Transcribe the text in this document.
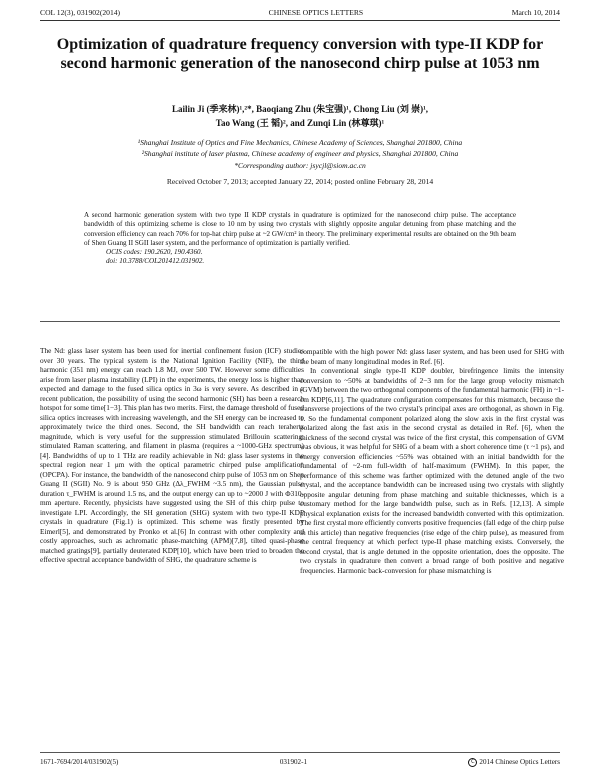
COL 12(3), 031902(2014)	CHINESE OPTICS LETTERS	March 10, 2014
Optimization of quadrature frequency conversion with type-II KDP for second harmonic generation of the nanosecond chirp pulse at 1053 nm
Lailin Ji (季来林)¹,²*, Baoqiang Zhu (朱宝强)¹, Chong Liu (刘 崇)¹,
Tao Wang (王 韬)², and Zunqi Lin (林尊琪)¹
¹Shanghai Institute of Optics and Fine Mechanics, Chinese Academy of Sciences, Shanghai 201800, China
²Shanghai institute of laser plasma, Chinese academy of engineer and physics, Shanghai 201800, China
*Corresponding author: jsycjl@siom.ac.cn
Received October 7, 2013; accepted January 22, 2014; posted online February 28, 2014
A second harmonic generation system with two type II KDP crystals in quadrature is optimized for the nanosecond chirp pulse. The acceptance bandwidth of this optimizing scheme is close to 10 nm by using two crystals with slightly opposite angular detuning from phase matching and the conversion efficiency can reach 70% for top-hat chirp pulse at ~2 GW/cm² in theory. The preliminary experimental results are obtained on the 9th beam of Shen Guang II SGII laser system, and the performance of optimization is partially verified.
OCIS codes: 190.2620, 190.4360.
doi: 10.3788/COL201412.031902.

The Nd: glass laser system has been used for inertial confinement fusion (ICF) studies over 30 years. The typical system is the National Ignition Facility (NIF), the third harmonic (351 nm) energy can reach 1.8 MJ, over 500 TW. However some difficulties arise from laser plasma instability (LPI) in the experiments, the energy loss is higher than expected and damage to the fused silica optics in 3ω is very severe. As described in a recent publication, the possibility of using the second harmonic (SH) has been a research hotspot for some time[1−3]. This plan has two merits. First, the damage threshold of fused silica optics increases with increasing wavelength, and the SH energy can be increased to approximately twice the third ones. Second, the SH bandwidth can reach terahertz magnitude, which is very useful for the suppression stimulated Brillouin scattering, stimulated Raman scattering, and filament in plasma (requires a ~1000-GHz spectrum)[4]. Bandwidths of up to 1 THz are readily achievable in Nd: glass laser systems in the spectral region near 1 μm with the optical parametric chirped pulse amplification (OPCPA). For instance, the bandwidth of the nanosecond chirp pulse of 1053 nm on Shen Guang II (SGII) No. 9 is about 950 GHz (Δλ_FWHM ~3.5 nm), the Gaussian pulse duration τ_FWHM is around 1.5 ns, and the output energy can up to ~2000 J with Φ310-mm aperture. Recently, physicists have suggested using the SH of this chirp pulse to investigate LPI. Accordingly, the SH generation (SHG) system with two type-II KDP crystals in quadrature (Fig.1) is optimized. This scheme was firstly presented by Eimerl[5], and demonstrated by Pronko et al.[6] In contrast with other complexity and costly approaches, such as achromatic phase-matching (APM)[7,8], tilted quasi-phase matched gratings[9], partially deuterated KDP[10], which have been tried to broaden the effective spectral acceptance bandwidth of SHG, the quadrature scheme is

compatible with the high power Nd: glass laser system, and has been used for SHG with the beam of many longitudinal modes in Ref. [6].

In conventional single type-II KDP doubler, birefringence limits the intensity conversion to ~50% at bandwidths of 2−3 nm for the large group velocity mismatch (GVM) between the two orthogonal components of the fundamental harmonic (FH) in ~1-cm KDP[6,11]. The quadrature configuration compensates for this mismatch, because the transverse projections of the two crystal's principal axes are orthogonal, as shown in Fig. 1. So the fundamental component polarized along the slow axis in the first crystal was polarized along the fast axis in the second crystal as detailed in Ref. [6], when the thickness of the second crystal was twice of the first crystal, this compensation of GVM was obvious, it was helpful for SHG of a beam with a short coherence time (τ ~1 ps), and energy conversion efficiencies ~55% was obtained with an initial bandwidth for the fundamental of ~2-nm full-width of half-maximum (FWHM). In this paper, the performance of this scheme was farther optimized with the detuned angle of the two crystal, and the acceptance bandwidth can be increased using two crystals with slightly opposite angular detuning from phase matching and suitable thicknesses, which is a customary method for the large bandwidth pulse, such as in Refs. [12,13]. A simple physical explanation exists for the increased bandwidth converted with this optimization. The first crystal more efficiently converts positive frequencies (fall edge of the chirp pulse in this article) than negative frequencies (rise edge of the chirp pulse), as measured from the central frequency at which perfect type-II phase matching exists. Conversely, the second crystal, that is angle detuned in the opposite orientation, does the opposite. The two crystals in quadrature then convert a broad range of both positive and negative frequencies. Harmonic back-conversion for phase mismatching is

1671-7694/2014/031902(5)	031902-1	C 2014 Chinese Optics Letters
